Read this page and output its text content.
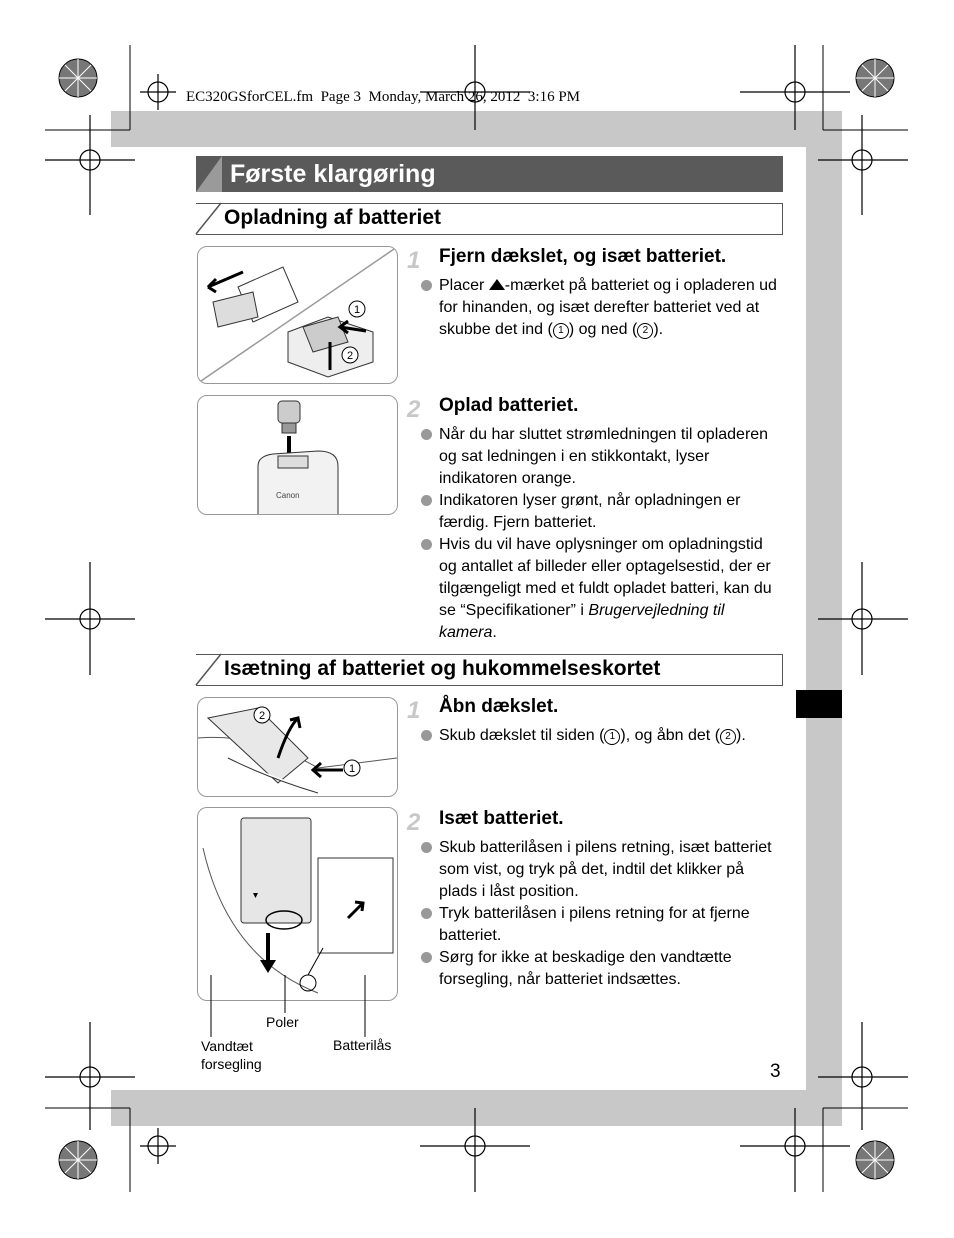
EC320GSforCEL.fm  Page 3  Monday, March 26, 2012  3:16 PM
Første klargøring
Opladning af batteriet
1
2
1 Fjern dækslet, og isæt batteriet.
Placer -mærket på batteriet og i opladeren ud for hinanden, og isæt derefter batteriet ved at skubbe det ind ( 1 ) og ned ( 2 ).
Canon
2 Oplad batteriet.
Når du har sluttet strømledningen til opladeren og sat ledningen i en stikkontakt, lyser indikatoren orange.
Indikatoren lyser grønt, når opladningen er færdig. Fjern batteriet.
Hvis du vil have oplysninger om opladningstid og antallet af billeder eller optagelsestid, der er tilgængeligt med et fuldt opladet batteri, kan du se “Specifikationer” i Brugervejledning til kamera.
Isætning af batteriet og hukommelseskortet
2
1
1 Åbn dækslet.
Skub dækslet til siden ( 1 ), og åbn det ( 2 ).
Poler
Vandtæt forsegling
Batterilås
2 Isæt batteriet.
Skub batterilåsen i pilens retning, isæt batteriet som vist, og tryk på det, indtil det klikker på plads i låst position.
Tryk batterilåsen i pilens retning for at fjerne batteriet.
Sørg for ikke at beskadige den vandtætte forsegling, når batteriet indsættes.
3
